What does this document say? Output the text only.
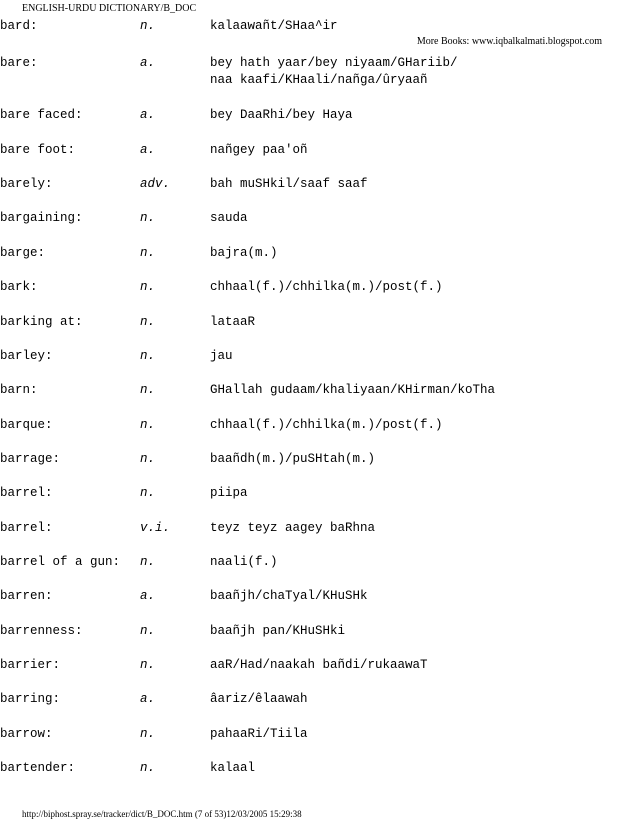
ENGLISH-URDU DICTIONARY/B_DOC
More Books: www.iqbalkalmati.blogspot.com
bard:	n.	kalaawañt/SHaa^ir
bare:	a.	bey hath yaar/bey niyaam/GHariib/
naa kaafi/KHaali/nañga/ûryaañ
bare faced:	a.	bey DaaRhi/bey Haya
bare foot:	a.	nañgey paa'oñ
barely:	adv.	bah muSHkil/saaf saaf
bargaining:	n.	sauda
barge:	n.	bajra(m.)
bark:	n.	chhaal(f.)/chhilka(m.)/post(f.)
barking at:	n.	lataaR
barley:	n.	jau
barn:	n.	GHallah gudaam/khaliyaan/KHirman/koTha
barque:	n.	chhaal(f.)/chhilka(m.)/post(f.)
barrage:	n.	baañdh(m.)/puSHtah(m.)
barrel:	n.	piipa
barrel:	v.i.	teyz teyz aagey baRhna
barrel of a gun: n.	naali(f.)
barren:	a.	baañjh/chaTyal/KHuSHk
barrenness:	n.	baañjh pan/KHuSHki
barrier:	n.	aaR/Had/naakah bañdi/rukaawaT
barring:	a.	âariz/êlaawah
barrow:	n.	pahaaRi/Tiila
bartender:	n.	kalaal
http://biphost.spray.se/tracker/dict/B_DOC.htm (7 of 53)12/03/2005 15:29:38
